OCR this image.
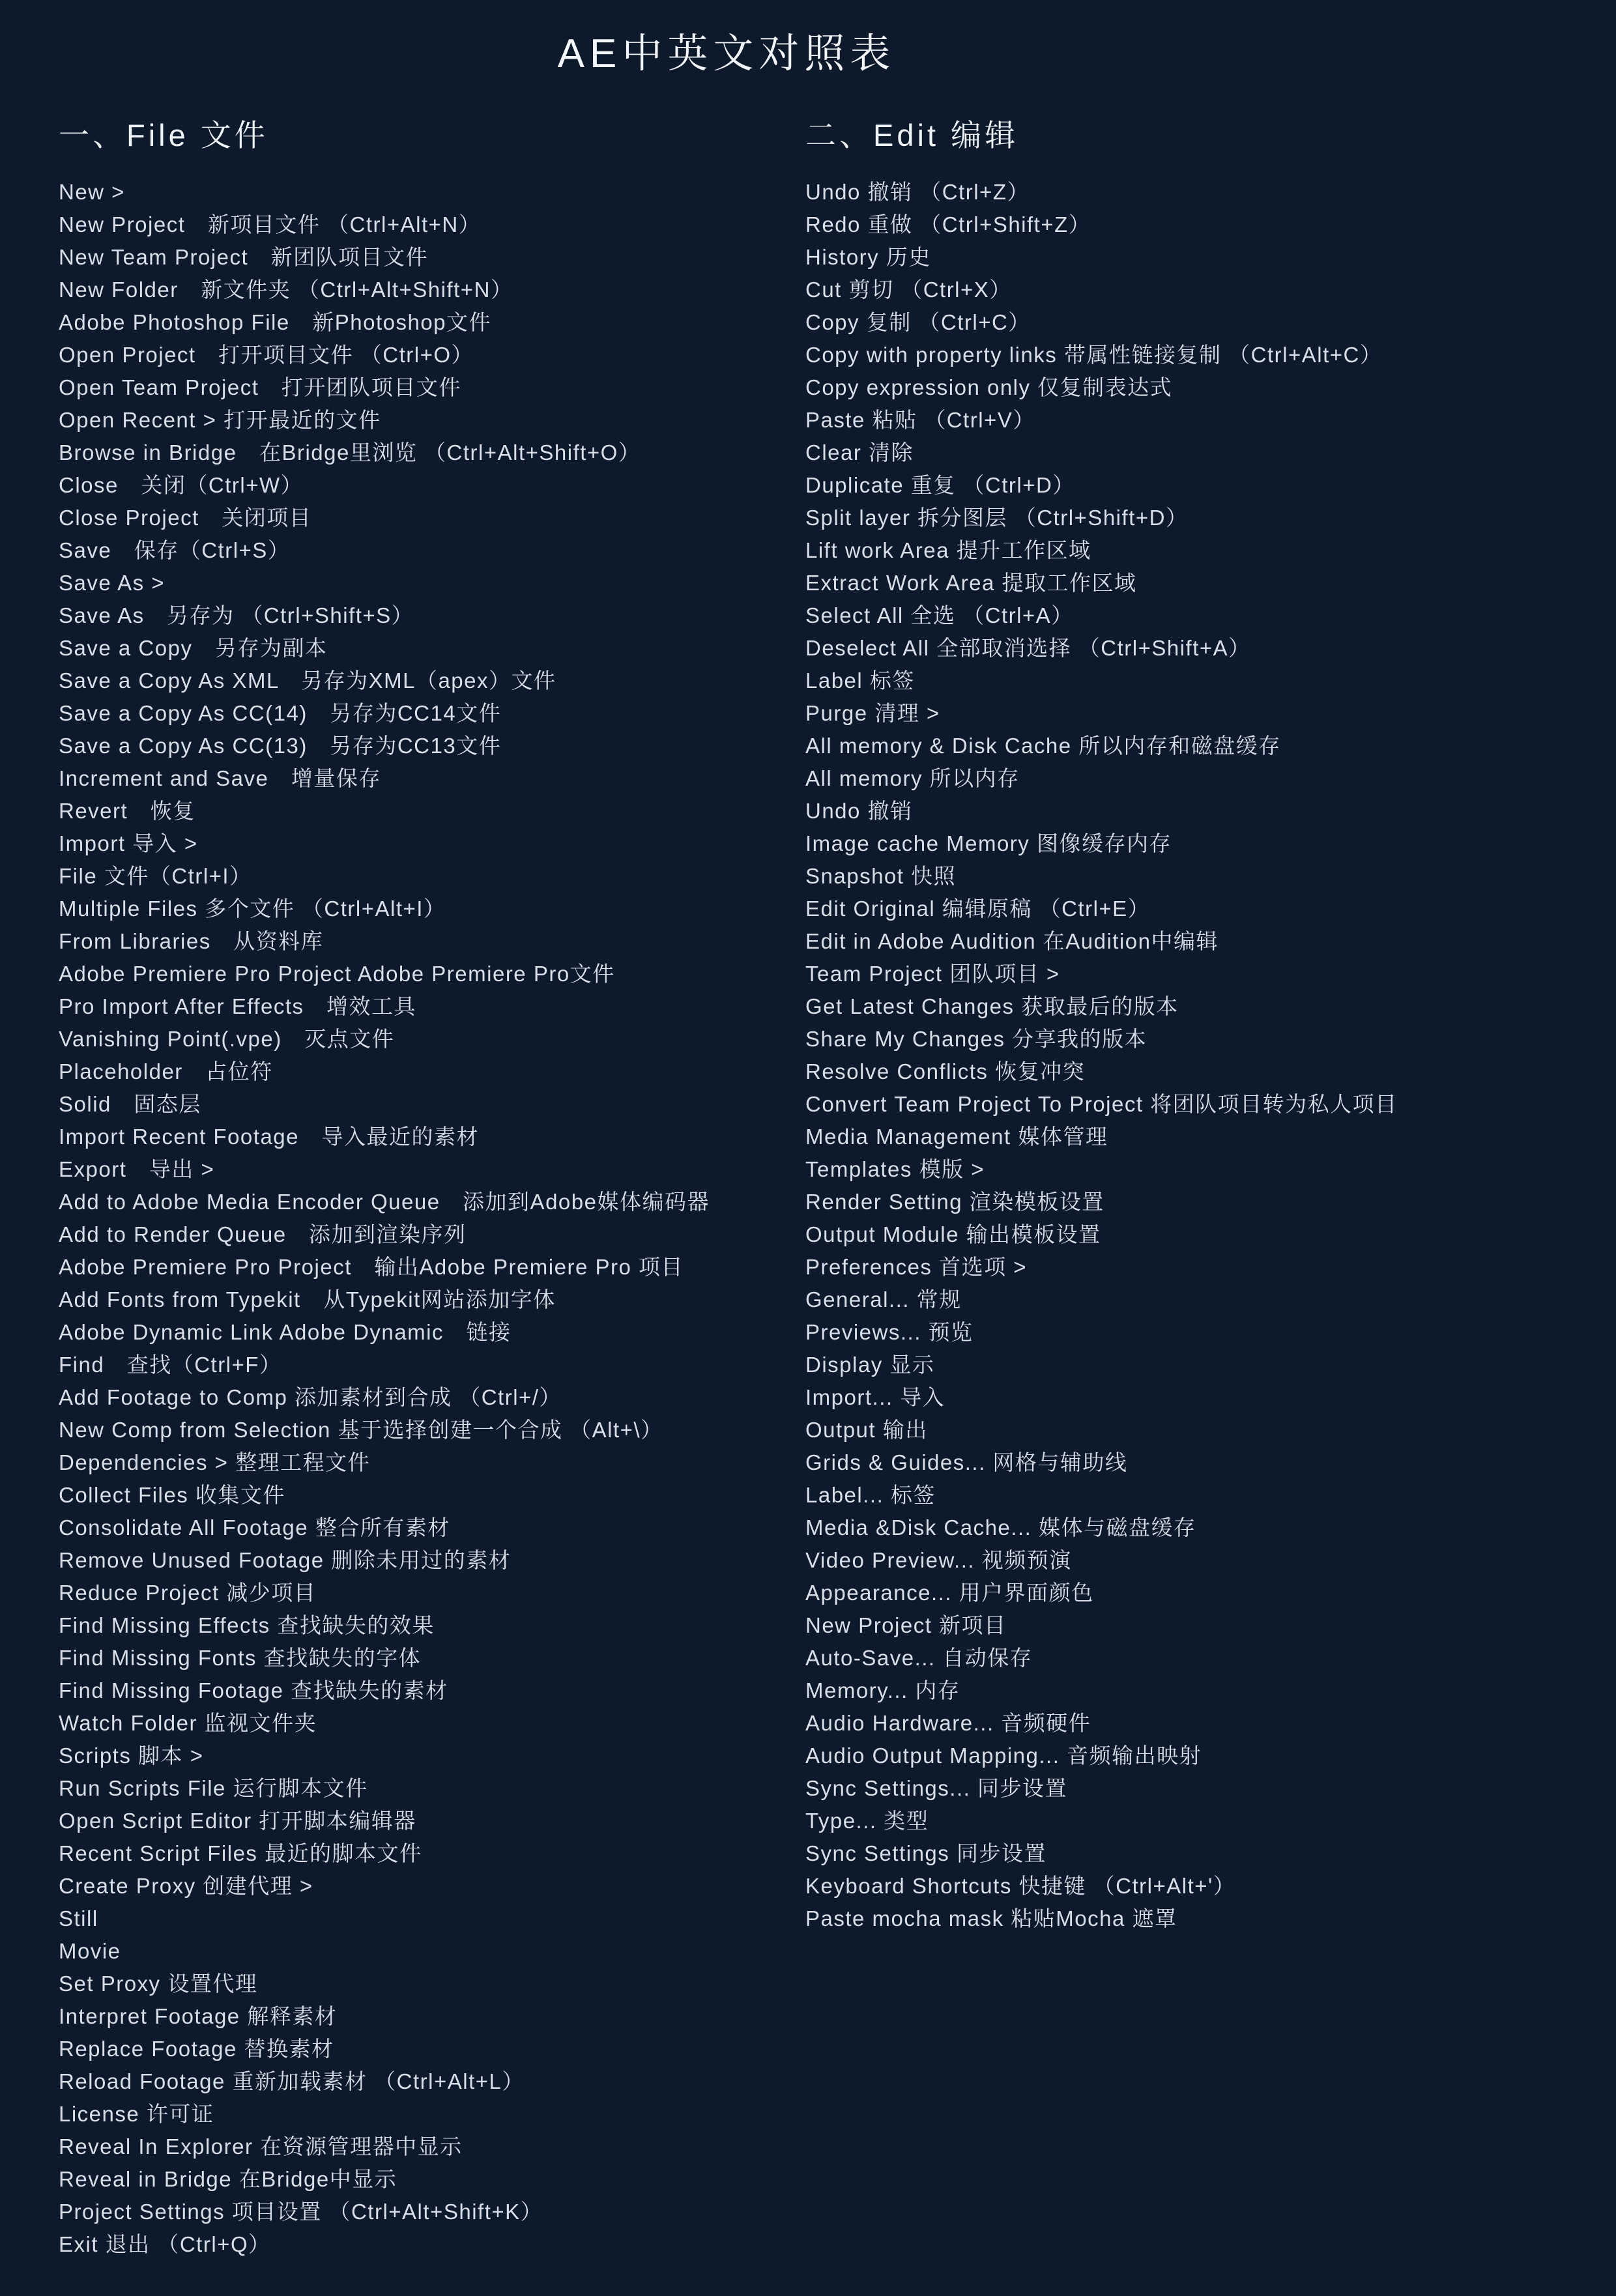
AE中英文对照表
一、File 文件
New >
New Project　新项目文件 （Ctrl+Alt+N）
New Team Project　新团队项目文件
New Folder　新文件夹 （Ctrl+Alt+Shift+N）
Adobe Photoshop File　新Photoshop文件
Open Project　打开项目文件 （Ctrl+O）
Open Team Project　打开团队项目文件
Open Recent > 打开最近的文件
Browse in Bridge　在Bridge里浏览 （Ctrl+Alt+Shift+O）
Close　关闭（Ctrl+W）
Close Project　关闭项目
Save　保存（Ctrl+S）
Save As >
Save As　另存为 （Ctrl+Shift+S）
Save a Copy　另存为副本
Save a Copy As XML　另存为XML（apex）文件
Save a Copy As CC(14)　另存为CC14文件
Save a Copy As CC(13)　另存为CC13文件
Increment and Save　增量保存
Revert　恢复
Import 导入 >
File 文件（Ctrl+I）
Multiple Files 多个文件 （Ctrl+Alt+I）
From Libraries　从资料库
Adobe Premiere Pro Project Adobe Premiere Pro文件
Pro Import After Effects　增效工具
Vanishing Point(.vpe)　灭点文件
Placeholder　占位符
Solid　固态层
Import Recent Footage　导入最近的素材
Export　导出 >
Add to Adobe Media Encoder Queue　添加到Adobe媒体编码器
Add to Render Queue　添加到渲染序列
Adobe Premiere Pro Project　输出Adobe Premiere Pro 项目
Add Fonts from Typekit　从Typekit网站添加字体
Adobe Dynamic Link Adobe Dynamic　链接
Find　查找（Ctrl+F）
Add Footage to Comp 添加素材到合成 （Ctrl+/）
New Comp from Selection 基于选择创建一个合成 （Alt+\）
Dependencies > 整理工程文件
Collect Files 收集文件
Consolidate All Footage 整合所有素材
Remove Unused Footage 删除未用过的素材
Reduce Project 减少项目
Find Missing Effects 查找缺失的效果
Find Missing Fonts 查找缺失的字体
Find Missing Footage 查找缺失的素材
Watch Folder 监视文件夹
Scripts 脚本 >
Run Scripts File 运行脚本文件
Open Script Editor 打开脚本编辑器
Recent Script Files 最近的脚本文件
Create Proxy 创建代理 >
Still
Movie
Set Proxy 设置代理
Interpret Footage 解释素材
Replace Footage 替换素材
Reload Footage 重新加载素材 （Ctrl+Alt+L）
License 许可证
Reveal In Explorer 在资源管理器中显示
Reveal in Bridge 在Bridge中显示
Project Settings 项目设置 （Ctrl+Alt+Shift+K）
Exit 退出 （Ctrl+Q）
二、Edit 编辑
Undo 撤销 （Ctrl+Z）
Redo 重做 （Ctrl+Shift+Z）
History 历史
Cut 剪切 （Ctrl+X）
Copy 复制 （Ctrl+C）
Copy with property links 带属性链接复制 （Ctrl+Alt+C）
Copy expression only 仅复制表达式
Paste 粘贴 （Ctrl+V）
Clear 清除
Duplicate 重复 （Ctrl+D）
Split layer 拆分图层 （Ctrl+Shift+D）
Lift work Area 提升工作区域
Extract Work Area 提取工作区域
Select All 全选 （Ctrl+A）
Deselect All 全部取消选择 （Ctrl+Shift+A）
Label 标签
Purge 清理 >
All memory & Disk Cache 所以内存和磁盘缓存
All memory 所以内存
Undo 撤销
Image cache Memory 图像缓存内存
Snapshot 快照
Edit Original 编辑原稿 （Ctrl+E）
Edit in Adobe Audition 在Audition中编辑
Team Project 团队项目 >
Get Latest Changes 获取最后的版本
Share My Changes 分享我的版本
Resolve Conflicts 恢复冲突
Convert Team Project To Project 将团队项目转为私人项目
Media Management 媒体管理
Templates 模版 >
Render Setting 渲染模板设置
Output Module 输出模板设置
Preferences 首选项 >
General... 常规
Previews... 预览
Display 显示
Import... 导入
Output 输出
Grids & Guides... 网格与辅助线
Label... 标签
Media &Disk Cache... 媒体与磁盘缓存
Video Preview... 视频预演
Appearance... 用户界面颜色
New Project 新项目
Auto-Save... 自动保存
Memory... 内存
Audio Hardware... 音频硬件
Audio Output Mapping... 音频输出映射
Sync Settings... 同步设置
Type... 类型
Sync Settings 同步设置
Keyboard Shortcuts 快捷键 （Ctrl+Alt+'）
Paste mocha mask 粘贴Mocha 遮罩
